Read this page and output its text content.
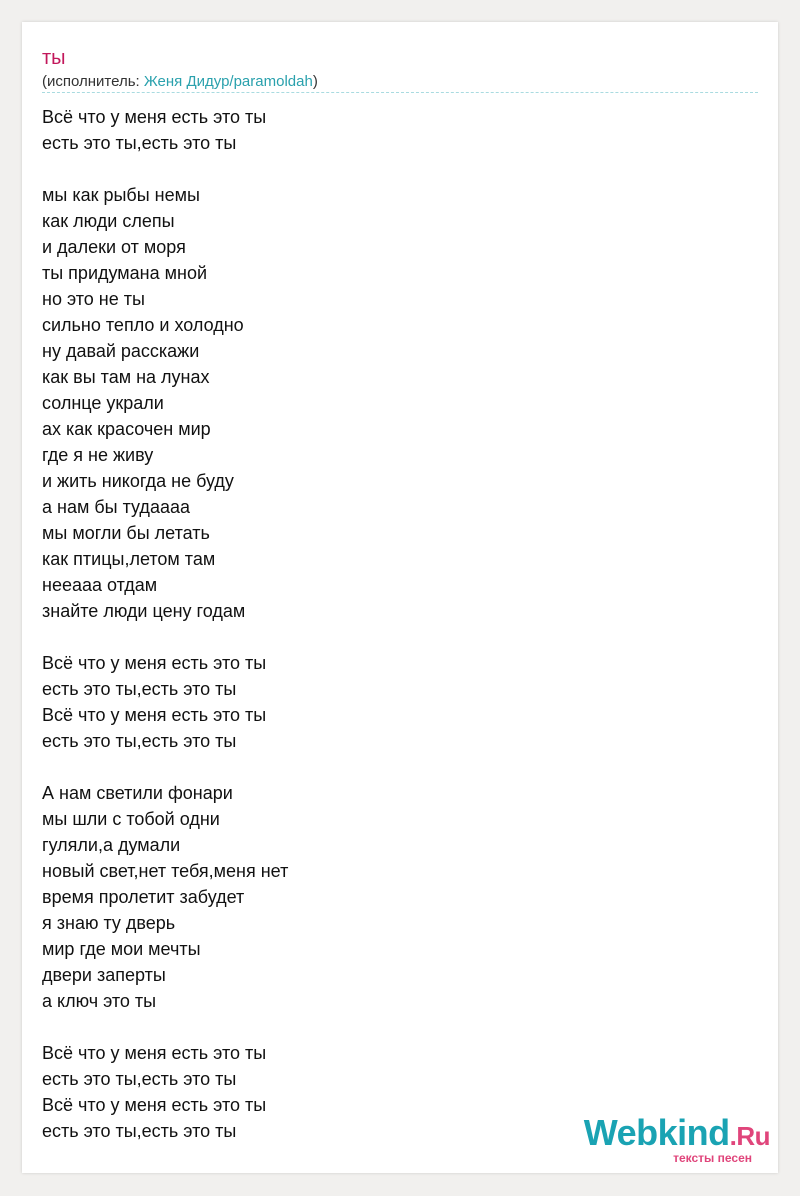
ты
(исполнитель: Женя Дидур/paramoldah)
Всё что у меня есть это ты
есть это ты,есть это ты
мы как рыбы немы
как люди слепы
и далеки от моря
ты придумана мной
но это не ты
сильно тепло и холодно
ну давай расскажи
как вы там на лунах
солнце украли
ах как красочен мир
где я не живу
и жить никогда не буду
а нам бы тудаааа
мы могли бы летать
как птицы,летом там
нееааа отдам
знайте люди цену годам
Всё что у меня есть это ты
есть это ты,есть это ты
Всё что у меня есть это ты
есть это ты,есть это ты
А нам светили фонари
мы шли с тобой одни
гуляли,а думали
новый свет,нет тебя,меня нет
время пролетит забудет
я знаю ту дверь
мир где мои мечты
двери заперты
а ключ это ты
Всё что у меня есть это ты
есть это ты,есть это ты
Всё что у меня есть это ты
есть это ты,есть это ты	Webkind.Ru
тексты песен
